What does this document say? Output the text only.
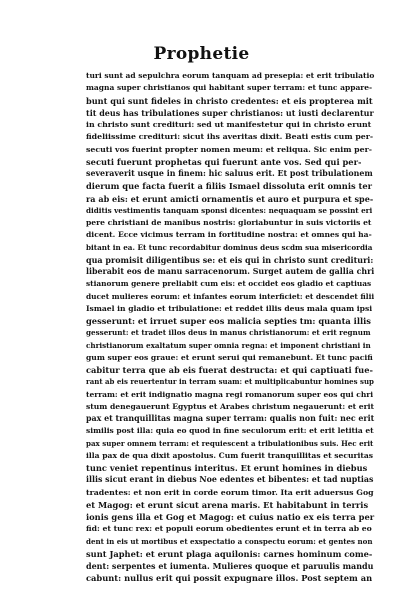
Prophetie
turi sunt ad sepulchra eorum tanquam ad presepia: et erit tribulatio
magna super christianos qui habitant super terram: et tunc appare-
bunt qui sunt fideles in christo credentes: et eis propterea mit
tit deus has tribulationes super christianos: ut iusti declarentur
in christo sunt credituri: sed ut manifestetur qui in christo erunt
fideliissime credituri: sicut ihs averitas dixit. Beati estis cum per-
secuti vos fuerint propter nomen meum: et reliqua. Sic enim per-
secuti fuerunt prophetas qui fuerunt ante vos. Sed qui per-
severaverit usque in finem: hic saluus erit. Et post tribulationem
dierum que facta fuerit a filiis Ismael dissoluta erit omnis ter
ra ab eis: et erunt amicti ornamentis et auro et purpura et spe-
diditis vestimentis tanquam sponsi dicentes: nequaquam se possint eri
pere christiani de manibus nostris: gloriabuntur in suis victoriis et
dicent. Ecce vicimus terram in fortitudine nostra: et omnes qui ha-
bitant in ea. Et tunc recordabitur dominus deus scdm sua misericordia
qua promisit diligentibus se: et eis qui in christo sunt credituri:
liberabit eos de manu sarracenorum. Surget autem de gallia chri
stianorum genere preliabit cum eis: et occidet eos gladio et captiuas
ducet mulieres eorum: et infantes eorum interficiet: et descendet filii
Ismael in gladio et tribulatione: et reddet illis deus mala quam ipsi
gesserunt: et irruet super eos malicia septies tm: quanta illis
gesserunt: et tradet illos deus in manus christianorum: et erit regnum
christianorum exaltatum super omnia regna: et imponent christiani in
gum super eos graue: et erunt serui qui remanebunt. Et tunc pacifi
cabitur terra que ab eis fuerat destructa: et qui captiuati fue-
rant ab eis reuertentur in terram suam: et multiplicabuntur homines sup
terram: et erit indignatio magna regi romanorum super eos qui chri
stum denegauerunt Egyptus et Arabes christum negauerunt: et erit
pax et tranquillitas magna super terram: qualis non fuit: nec erit
similis post illa: quia eo quod in fine seculorum erit: et erit letitia et
pax super omnem terram: et requiescent a tribulationibus suis. Hec erit
illa pax de qua dixit apostolus. Cum fuerit tranquillitas et securitas
tunc veniet repentinus interitus. Et erunt homines in diebus
illis sicut erant in diebus Noe edentes et bibentes: et tad nuptias
tradentes: et non erit in corde eorum timor. Ita erit aduersus Gog
et Magog: et erunt sicut arena maris. Et habitabunt in terris
ionis gens illa et Gog et Magog: et cuius natio ex eis terra per
fid: et tunc rex: et populi eorum obedientes erunt et in terra ab eo
dent in eis ut mortibus et exspectatio a conspectu eorum: et gentes non
sunt Japhet: et erunt plaga aquilonis: carnes hominum come-
dent: serpentes et iumenta. Mulieres quoque et paruulis mandu
cabunt: nullus erit qui possit expugnare illos. Post septem an
